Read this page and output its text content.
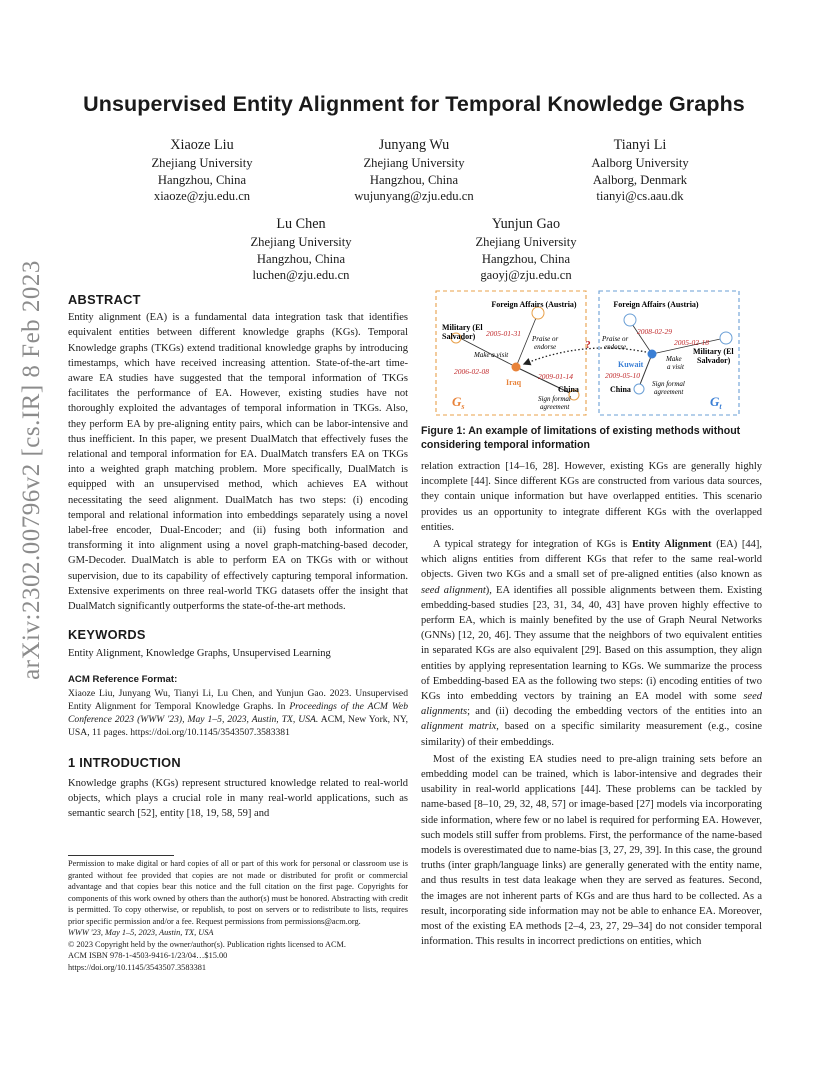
Unsupervised Entity Alignment for Temporal Knowledge Graphs
Xiaoze Liu
Zhejiang University
Hangzhou, China
xiaoze@zju.edu.cn
Junyang Wu
Zhejiang University
Hangzhou, China
wujunyang@zju.edu.cn
Tianyi Li
Aalborg University
Aalborg, Denmark
tianyi@cs.aau.dk
Lu Chen
Zhejiang University
Hangzhou, China
luchen@zju.edu.cn
Yunjun Gao
Zhejiang University
Hangzhou, China
gaoyj@zju.edu.cn
arXiv:2302.00796v2 [cs.IR] 8 Feb 2023 ABSTRACT

Entity alignment (EA) is a fundamental data integration task that identifies equivalent entities between different knowledge graphs (KGs). Temporal Knowledge graphs (TKGs) extend traditional knowledge graphs by introducing timestamps, which have received increasing attention. State-of-the-art time-aware EA studies have suggested that the temporal information of TKGs facilitates the performance of EA. However, existing studies have not thoroughly exploited the advantages of temporal information in TKGs. Also, they perform EA by pre-aligning entity pairs, which can be labor-intensive and thus inefficient. In this paper, we present DualMatch that effectively fuses the relational and temporal information for EA. DualMatch transfers EA on TKGs into a weighted graph matching problem. More specifically, DualMatch is equipped with an unsupervised method, which achieves EA without necessitating the seed alignment. DualMatch has two steps: (i) encoding temporal and relational information into embeddings separately using a novel label-free encoder, Dual-Encoder; and (ii) fusing both information and transforming it into alignment using a novel graph-matching-based decoder, GM-Decoder. DualMatch is able to perform EA on TKGs with or without supervision, due to its capability of effectively capturing temporal information. Extensive experiments on three real-world TKG datasets offer the insight that DualMatch significantly outperforms the state-of-the-art methods.

KEYWORDS

Entity Alignment, Knowledge Graphs, Unsupervised Learning

ACM Reference Format:

Xiaoze Liu, Junyang Wu, Tianyi Li, Lu Chen, and Yunjun Gao. 2023. Unsupervised Entity Alignment for Temporal Knowledge Graphs. In Proceedings of the ACM Web Conference 2023 (WWW '23), May 1–5, 2023, Austin, TX, USA. ACM, New York, NY, USA, 11 pages. https://doi.org/10.1145/3543507.3583381

1 INTRODUCTION

Knowledge graphs (KGs) represent structured knowledge related to real-world objects, which plays a crucial role in many real-world applications, such as semantic search [52], entity [18, 19, 58, 59] and

Permission to make digital or hard copies of all or part of this work for personal or classroom use is granted without fee provided that copies are not made or distributed for profit or commercial advantage and that copies bear this notice and the full citation on the first page. Copyrights for components of this work owned by others than the author(s) must be honored. Abstracting with credit is permitted. To copy otherwise, or republish, to post on servers or to redistribute to lists, requires prior specific permission and/or a fee. Request permissions from permissions@acm.org.

WWW '23, May 1–5, 2023, Austin, TX, USA

© 2023 Copyright held by the owner/author(s). Publication rights licensed to ACM.

ACM ISBN 978-1-4503-9416-1/23/04…$15.00

https://doi.org/10.1145/3543507.3583381

?
Foreign Affairs (Austria)
Military (El
Salvador)
Iraq
China
Make a visit
Praise or
endorse
Sign formal
agreement
2005-01-31
2006-02-08
2009-01-14
$G_s$
Foreign Affairs (Austria)
Military (El
Salvador)
Kuwait
China
Make
a visit
Praise or
endorse
Sign formal
agreement
2008-02-29
2005-02-18
2009-05-10
$G_t$
Figure 1: An example of limitations of existing methods without considering temporal information

relation extraction [14–16, 28]. However, existing KGs are generally highly incomplete [44]. Since different KGs are constructed from various data sources, they contain unique information but have overlapped entities. This scenario provides us an opportunity to integrate different KGs with the overlapped entities.

A typical strategy for integration of KGs is Entity Alignment (EA) [44], which aligns entities from different KGs that refer to the same real-world objects. Given two KGs and a small set of pre-aligned entities (also known as seed alignment), EA identifies all possible alignments between them. Existing embedding-based studies [23, 31, 34, 40, 43] have proven highly effective to perform EA, which is mainly benefited by the use of Graph Neural Networks (GNNs) [12, 20, 46]. They assume that the neighbors of two equivalent entities in separated KGs are also equivalent [29]. Based on this assumption, they align entities by applying representation learning to KGs. We summarize the process of Embedding-based EA as the following two steps: (i) encoding entities of two KGs into embedding vectors by training an EA model with some seed alignments; and (ii) decoding the embedding vectors of the entities into an alignment matrix, based on a specific similarity measurement (e.g., cosine similarity) of their embeddings.

Most of the existing EA studies need to pre-align training sets before an embedding model can be trained, which is labor-intensive and degrades their usability in real-world applications [44]. These problems can be tackled by name-based [8–10, 29, 32, 48, 57] or image-based [27] models via incorporating side information, where few or no label is required for performing EA. However, such models still suffer from problems. First, the performance of the name-based models is overestimated due to name-bias [3, 27, 29, 39]. In this case, the ground truths (inter graph/language links) are generally generated with the entity name, and thus results in test data leakage when they are served as features. Second, the images are not inherent parts of KGs and are thus hard to be collected. As a result, incorporating side information may not be able to enhance EA. Moreover, most of the existing EA methods [2–4, 23, 27, 29–34] do not consider temporal information. This results in incorrect predictions on entities, which
